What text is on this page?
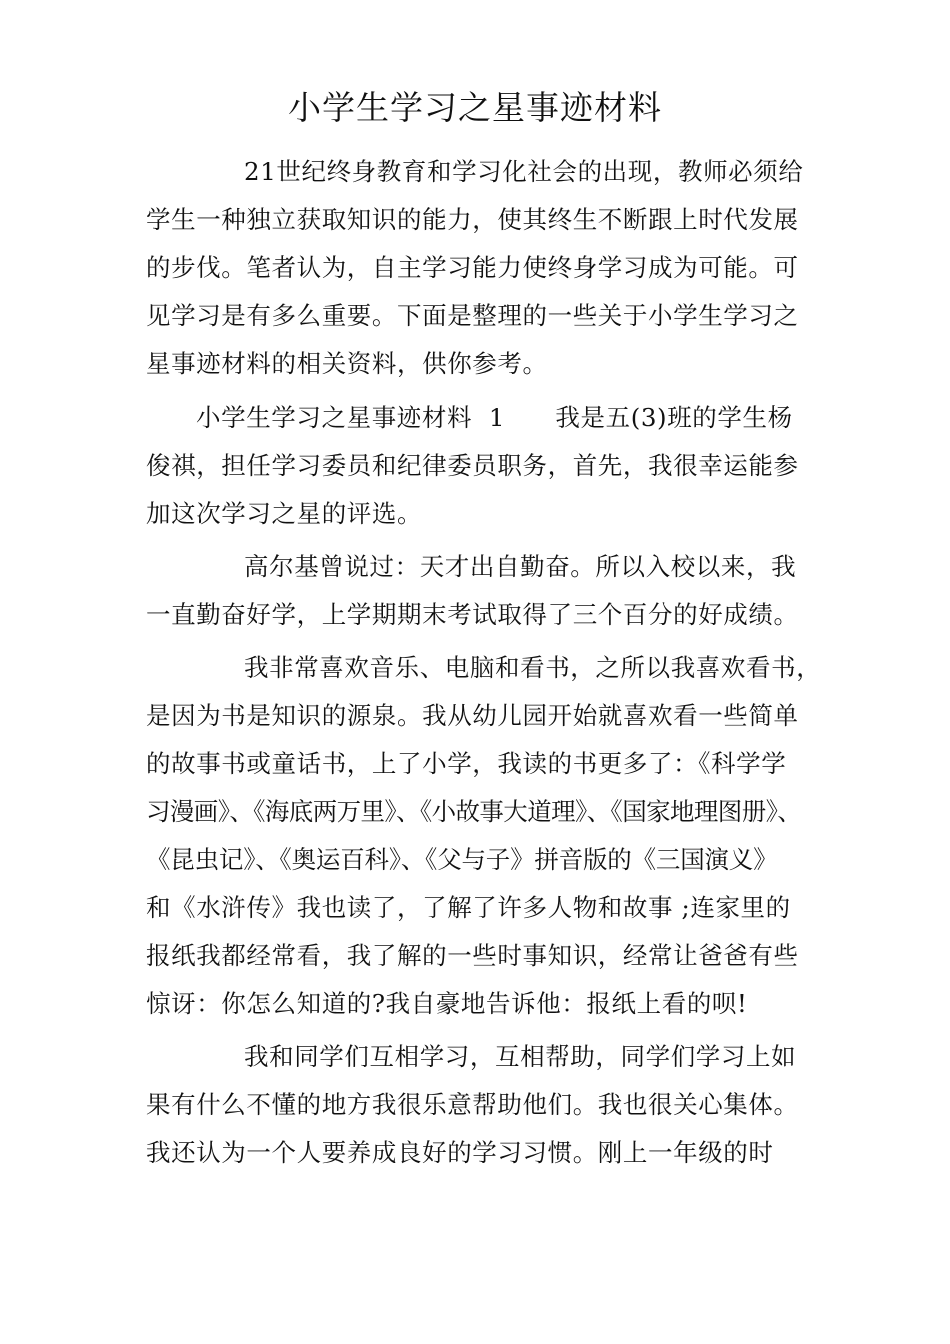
小学生学习之星事迹材料
21世纪终身教育和学习化社会的出现，教师必须给
学生一种独立获取知识的能力，使其终生不断跟上时代发展
的步伐。笔者认为，自主学习能力使终身学习成为可能。可
见学习是有多么重要。下面是整理的一些关于小学生学习之
星事迹材料的相关资料，供你参考。
小学生学习之星事迹材料  1      我是五(3)班的学生杨
俊祺，担任学习委员和纪律委员职务，首先，我很幸运能参
加这次学习之星的评选。
高尔基曾说过：天才出自勤奋。所以入校以来，我
一直勤奋好学，上学期期末考试取得了三个百分的好成绩。
我非常喜欢音乐、电脑和看书，之所以我喜欢看书，
是因为书是知识的源泉。我从幼儿园开始就喜欢看一些简单
的故事书或童话书，上了小学，我读的书更多了：《科学学
习漫画》、《海底两万里》、《小故事大道理》、《国家地理图册》、
《昆虫记》、《奥运百科》、《父与子》拼音版的《三国演义》
和《水浒传》我也读了，了解了许多人物和故事 ;连家里的
报纸我都经常看，我了解的一些时事知识，经常让爸爸有些
惊讶：你怎么知道的?我自豪地告诉他：报纸上看的呗!
我和同学们互相学习，互相帮助，同学们学习上如
果有什么不懂的地方我很乐意帮助他们。我也很关心集体。
我还认为一个人要养成良好的学习习惯。刚上一年级的时
